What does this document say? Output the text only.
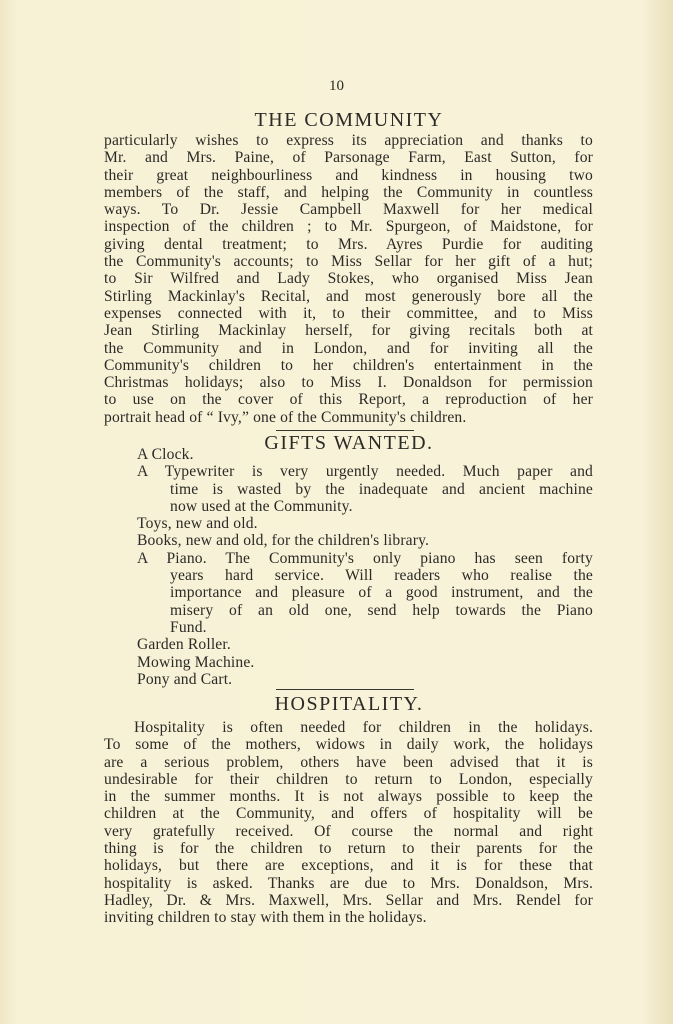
10
THE COMMUNITY
particularly wishes to express its appreciation and thanks to
Mr. and Mrs. Paine, of Parsonage Farm, East Sutton, for
their great neighbourliness and kindness in housing two
members of the staff, and helping the Community in countless
ways. To Dr. Jessie Campbell Maxwell for her medical
inspection of the children ; to Mr. Spurgeon, of Maidstone, for
giving dental treatment; to Mrs. Ayres Purdie for auditing
the Community's accounts; to Miss Sellar for her gift of a hut;
to Sir Wilfred and Lady Stokes, who organised Miss Jean
Stirling Mackinlay's Recital, and most generously bore all the
expenses connected with it, to their committee, and to Miss
Jean Stirling Mackinlay herself, for giving recitals both at
the Community and in London, and for inviting all the
Community's children to her children's entertainment in the
Christmas holidays; also to Miss I. Donaldson for permission
to use on the cover of this Report, a reproduction of her
portrait head of “ Ivy,” one of the Community's children.
GIFTS WANTED.
A Clock.
A Typewriter is very urgently needed. Much paper and
time is wasted by the inadequate and ancient machine
now used at the Community.
Toys, new and old.
Books, new and old, for the children's library.
A Piano. The Community's only piano has seen forty
years hard service. Will readers who realise the
importance and pleasure of a good instrument, and the
misery of an old one, send help towards the Piano
Fund.
Garden Roller.
Mowing Machine.
Pony and Cart.
HOSPITALITY.
Hospitality is often needed for children in the holidays.
To some of the mothers, widows in daily work, the holidays
are a serious problem, others have been advised that it is
undesirable for their children to return to London, especially
in the summer months. It is not always possible to keep the
children at the Community, and offers of hospitality will be
very gratefully received. Of course the normal and right
thing is for the children to return to their parents for the
holidays, but there are exceptions, and it is for these that
hospitality is asked. Thanks are due to Mrs. Donaldson, Mrs.
Hadley, Dr. & Mrs. Maxwell, Mrs. Sellar and Mrs. Rendel for
inviting children to stay with them in the holidays.
